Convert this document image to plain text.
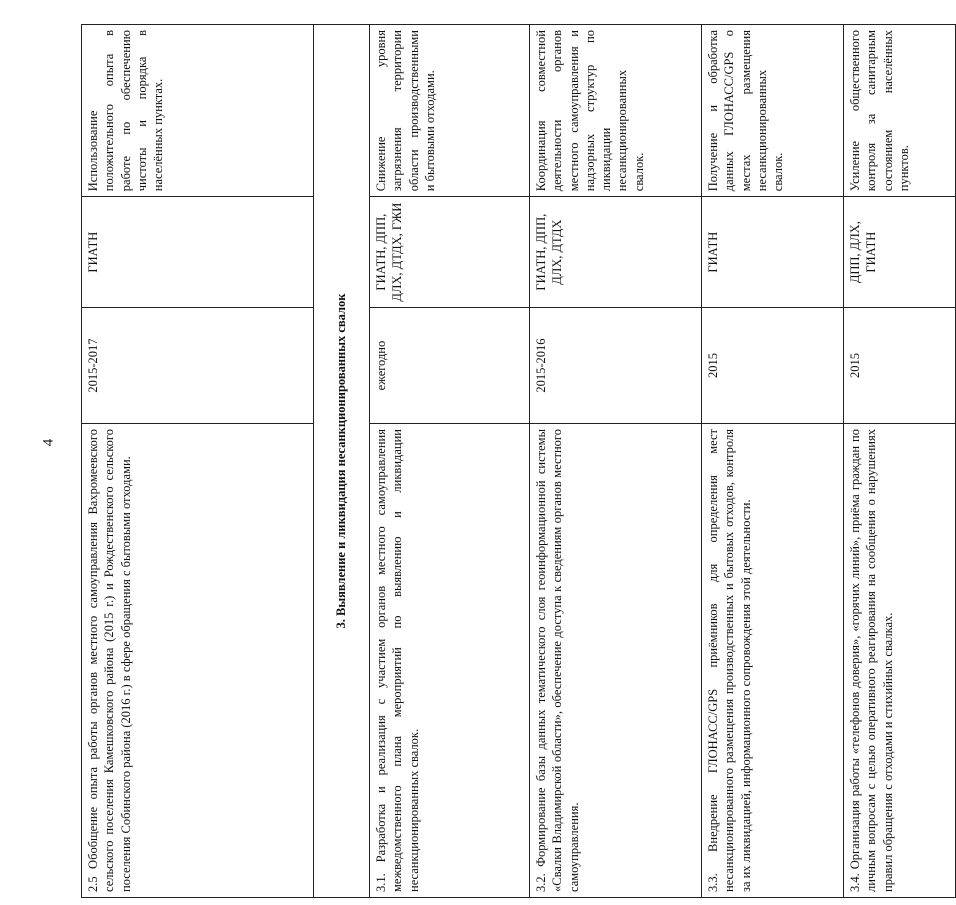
4 2.5 Обобщение опыта работы органов местного самоуправления Вахромеевского сельского поселения Камешковского района (2015 г.) и Рождественского сельского поселения Собинского района (2016 г.) в сфере обращения с бытовыми отходами.	2015-2017	ГИАТН	Использование положительного опыта в работе по обеспечению чистоты и порядка в населённых пунктах.
3. Выявление и ликвидация несанкционированных свалок			
3.1. Разработка и реализация с участием органов местного самоуправления межведомственного плана мероприятий по выявлению и ликвидации несанкционированных свалок.	ежегодно	ГИАТН, ДПП, ДЛХ, ДТДХ, ГЖИ	Снижение уровня загрязнения территории области производственными и бытовыми отходами.
3.2. Формирование базы данных тематического слоя геоинформационной системы «Свалки Владимирской области», обеспечение доступа к сведениям органов местного самоуправления.	2015-2016	ГИАТН, ДПП, ДЛХ, ДТДХ	Координация совместной деятельности органов местного самоуправления и надзорных структур по ликвидации несанкционированных свалок.
3.3. Внедрение ГЛОНАСС/GPS приёмников для определения мест несанкционированного размещения производственных и бытовых отходов, контроля за их ликвидацией, информационного сопровождения этой деятельности.	2015	ГИАТН	Получение и обработка данных ГЛОНАСС/GPS о местах размещения несанкционированных свалок.
3.4. Организация работы «телефонов доверия», «горячих линий», приёма граждан по личным вопросам с целью оперативного реагирования на сообщения о нарушениях правил обращения с отходами и стихийных свалках.	2015	ДПП, ДЛХ, ГИАТН	Усиление общественного контроля за санитарным состоянием населённых пунктов.
